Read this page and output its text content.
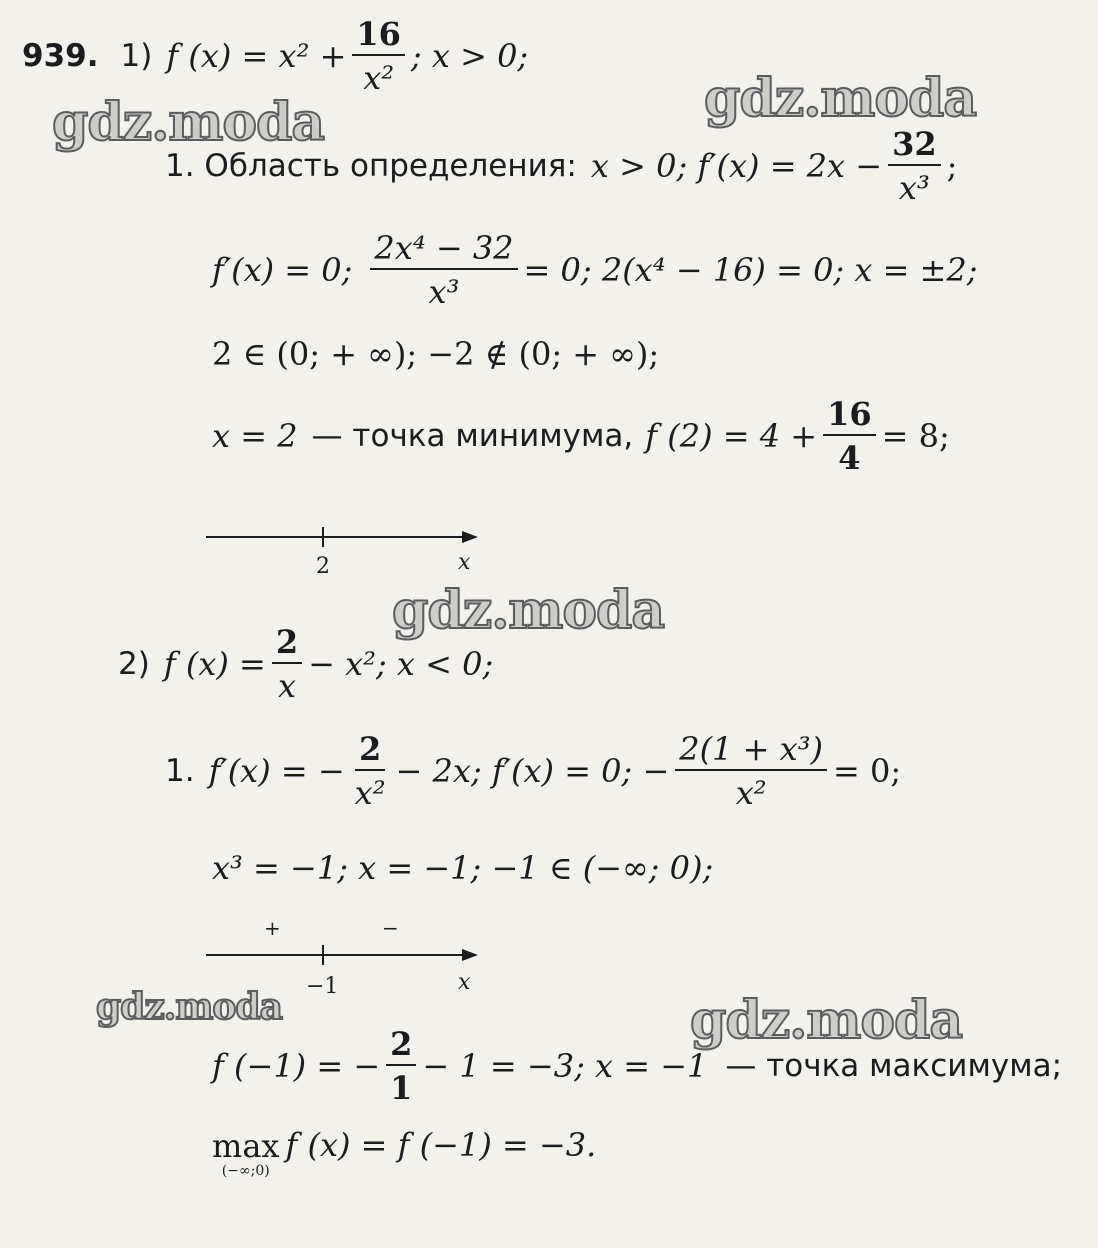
939. 1) f $(x) = x^2 + \frac{16}{\text{x²}}$ ; x > 0;
1. Область определения: x > 0; $f'(x) = 2x - \frac{32}{\text{x³}}$ ;
f′(x) = 0; $\frac{\text{2x⁴ − 32}}{\text{x³}} = 0$; 2(x⁴ − 16) = 0; x = ±2;
2 ∈ (0; + ∞); −2 ∉ (0; + ∞);
x = 2 — точка минимума, f $(2) = 4 + \frac{16}{4} = 8$;
2	x
2) f $(x) = \frac{2}{x} - x^2$; x < 0;
1. f′(x) = − $\frac{2}{\text{x²}} - 2x$; f′(x) = 0; − $\frac{\text{2(1 + x³)}}{\text{x²}} = 0$;
x³ = −1; x = −1; −1 ∈ (−∞; 0);
+	−
−1	x
f (−1) = − $\frac{2}{1} - 1 = -3$; x = −1 — точка максимума;
max
(−∞;0)
f (x) = f (−1) = −3.
gdz.moda	gdz.moda
gdz.moda
gdz.moda	gdz.moda
